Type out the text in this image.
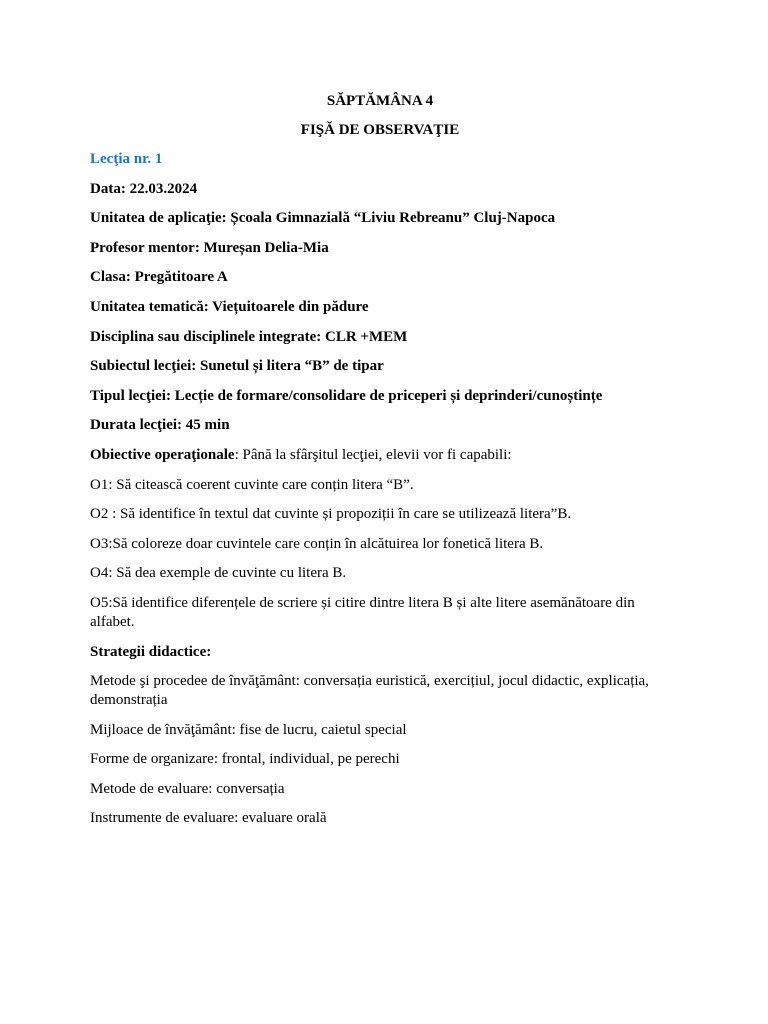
SĂPTĂMÂNA 4
FIŞĂ DE OBSERVAŢIE

Lecţia nr. 1

Data: 22.03.2024

Unitatea de aplicaţie: Școala Gimnazială “Liviu Rebreanu” Cluj-Napoca

Profesor mentor: Mureșan Delia-Mia

Clasa: Pregătitoare A

Unitatea tematică: Viețuitoarele din pădure

Disciplina sau disciplinele integrate: CLR +MEM

Subiectul lecţiei: Sunetul și litera “B” de tipar

Tipul lecţiei: Lecție de formare/consolidare de priceperi și deprinderi/cunoștințe

Durata lecţiei: 45 min

Obiective operaţionale: Până la sfârşitul lecţiei, elevii vor fi capabili:

O1: Să citească coerent cuvinte care conțin litera “B”.

O2 : Să identifice în textul dat cuvinte și propoziții în care se utilizează litera”B.

O3:Să coloreze doar cuvintele care conțin în alcătuirea lor fonetică litera B.

O4: Să dea exemple de cuvinte cu litera B.

O5:Să identifice diferențele de scriere și citire dintre litera B și alte litere asemănătoare din alfabet.

Strategii didactice:

Metode şi procedee de învăţământ: conversația euristică, exercițiul, jocul didactic, explicația, demonstrația

Mijloace de învăţământ: fise de lucru, caietul special

Forme de organizare: frontal, individual, pe perechi

Metode de evaluare: conversația

Instrumente de evaluare: evaluare orală
